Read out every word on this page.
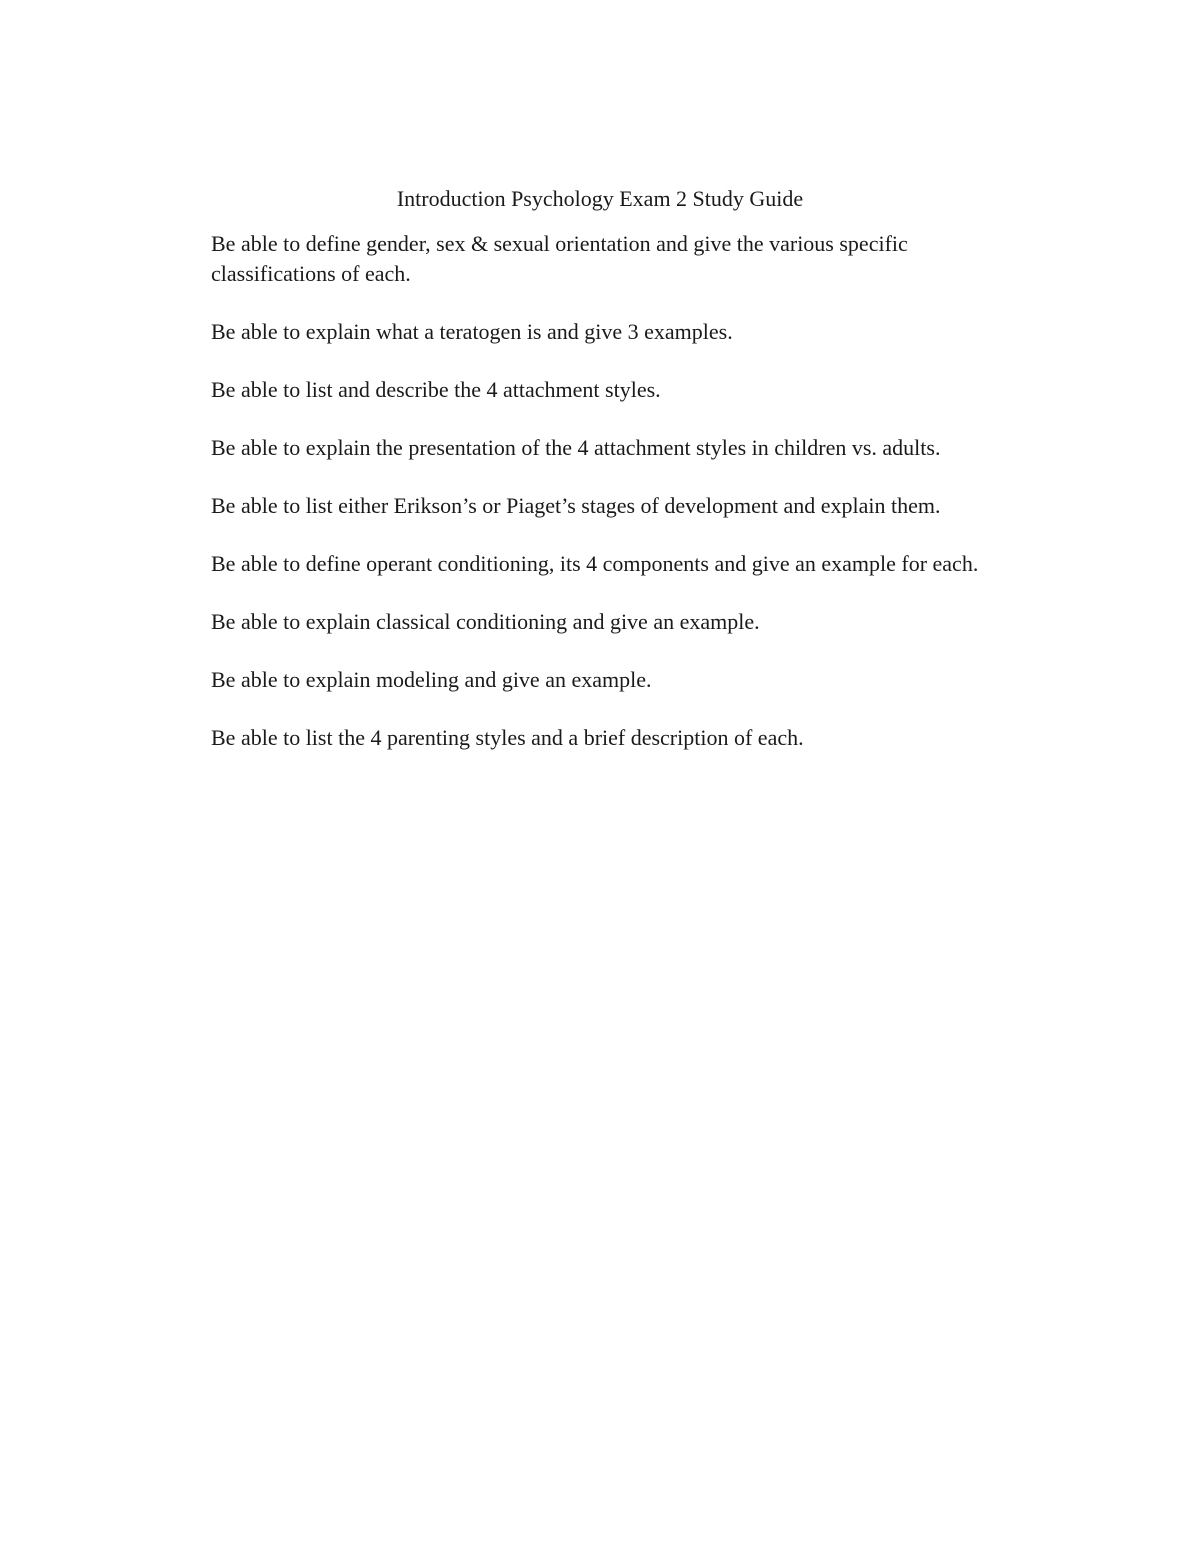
Introduction Psychology Exam 2 Study Guide
Be able to define gender, sex & sexual orientation and give the various specific classifications of each.
Be able to explain what a teratogen is and give 3 examples.
Be able to list and describe the 4 attachment styles.
Be able to explain the presentation of the 4 attachment styles in children vs. adults.
Be able to list either Erikson’s or Piaget’s stages of development and explain them.
Be able to define operant conditioning, its 4 components and give an example for each.
Be able to explain classical conditioning and give an example.
Be able to explain modeling and give an example.
Be able to list the 4 parenting styles and a brief description of each.
